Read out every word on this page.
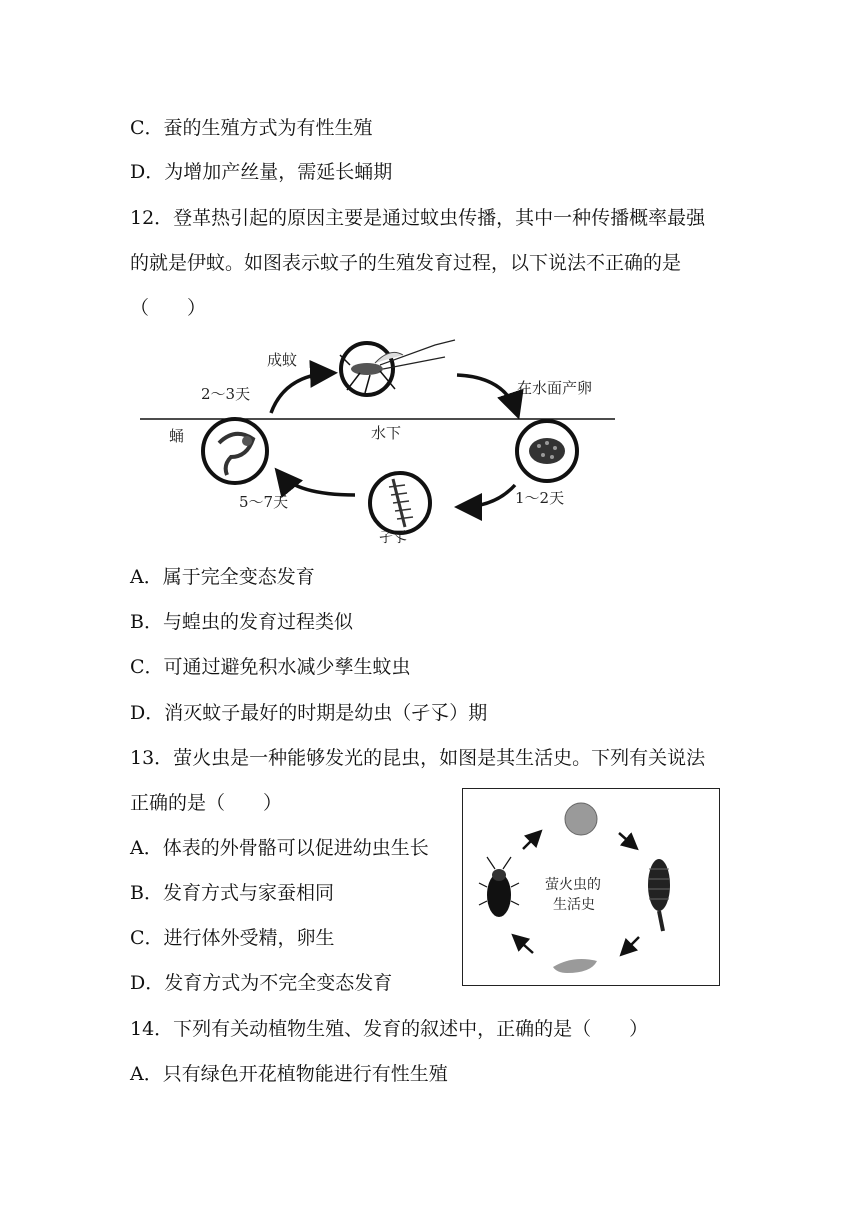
C．蚕的生殖方式为有性生殖
D．为增加产丝量，需延长蛹期
12．登革热引起的原因主要是通过蚊虫传播，其中一种传播概率最强
的就是伊蚊。如图表示蚊子的生殖发育过程，以下说法不正确的是
（　　）
成蚊
在水面产卵
孑孓
蛹	水下
2～3天
1～2天
5～7天
A．属于完全变态发育
B．与蝗虫的发育过程类似
C．可通过避免积水减少孳生蚊虫
D．消灭蚊子最好的时期是幼虫（孑孓）期
13．萤火虫是一种能够发光的昆虫，如图是其生活史。下列有关说法
正确的是（　　）
A．体表的外骨骼可以促进幼虫生长
B．发育方式与家蚕相同
C．进行体外受精，卵生
D．发育方式为不完全变态发育
萤火虫的
生活史
14．下列有关动植物生殖、发育的叙述中，正确的是（　　）
A．只有绿色开花植物能进行有性生殖
